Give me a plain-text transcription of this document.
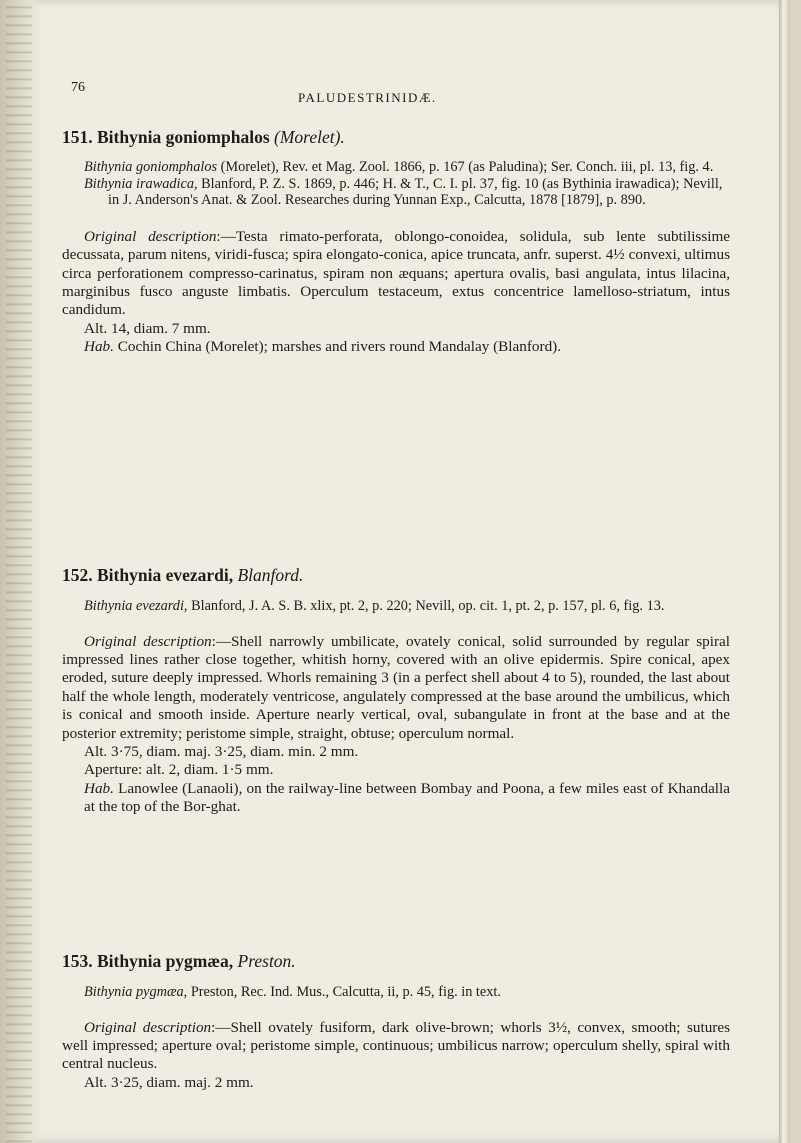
76
PALUDESTRINIDÆ.
151. Bithynia goniomphalos (Morelet).
Bithynia goniomphalos (Morelet), Rev. et Mag. Zool. 1866, p. 167 (as Paludina); Ser. Conch. iii, pl. 13, fig. 4.
Bithynia irawadica, Blanford, P. Z. S. 1869, p. 446; H. & T., C. I. pl. 37, fig. 10 (as Bythinia irawadica); Nevill, in J. Anderson's Anat. & Zool. Researches during Yunnan Exp., Calcutta, 1878 [1879], p. 890.
Original description:—Testa rimato-perforata, oblongo-conoidea, solidula, sub lente subtilissime decussata, parum nitens, viridi-fusca; spira elongato-conica, apice truncata, anfr. superst. 4½ convexi, ultimus circa perforationem compresso-carinatus, spiram non æquans; apertura ovalis, basi angulata, intus lilacina, marginibus fusco anguste limbatis. Operculum testaceum, extus concentrice lamelloso-striatum, intus candidum.

Alt. 14, diam. 7 mm.

Hab. Cochin China (Morelet); marshes and rivers round Mandalay (Blanford).

152. Bithynia evezardi, Blanford.
Bithynia evezardi, Blanford, J. A. S. B. xlix, pt. 2, p. 220; Nevill, op. cit. 1, pt. 2, p. 157, pl. 6, fig. 13.
Original description:—Shell narrowly umbilicate, ovately conical, solid surrounded by regular spiral impressed lines rather close together, whitish horny, covered with an olive epidermis. Spire conical, apex eroded, suture deeply impressed. Whorls remaining 3 (in a perfect shell about 4 to 5), rounded, the last about half the whole length, moderately ventricose, angulately compressed at the base around the umbilicus, which is conical and smooth inside. Aperture nearly vertical, oval, subangulate in front at the base and at the posterior extremity; peristome simple, straight, obtuse; operculum normal.

Alt. 3·75, diam. maj. 3·25, diam. min. 2 mm.

Aperture: alt. 2, diam. 1·5 mm.

Hab. Lanowlee (Lanaoli), on the railway-line between Bombay and Poona, a few miles east of Khandalla at the top of the Bor-ghat.

153. Bithynia pygmæa, Preston.
Bithynia pygmæa, Preston, Rec. Ind. Mus., Calcutta, ii, p. 45, fig. in text.
Original description:—Shell ovately fusiform, dark olive-brown; whorls 3½, convex, smooth; sutures well impressed; aperture oval; peristome simple, continuous; umbilicus narrow; operculum shelly, spiral with central nucleus.

Alt. 3·25, diam. maj. 2 mm.
